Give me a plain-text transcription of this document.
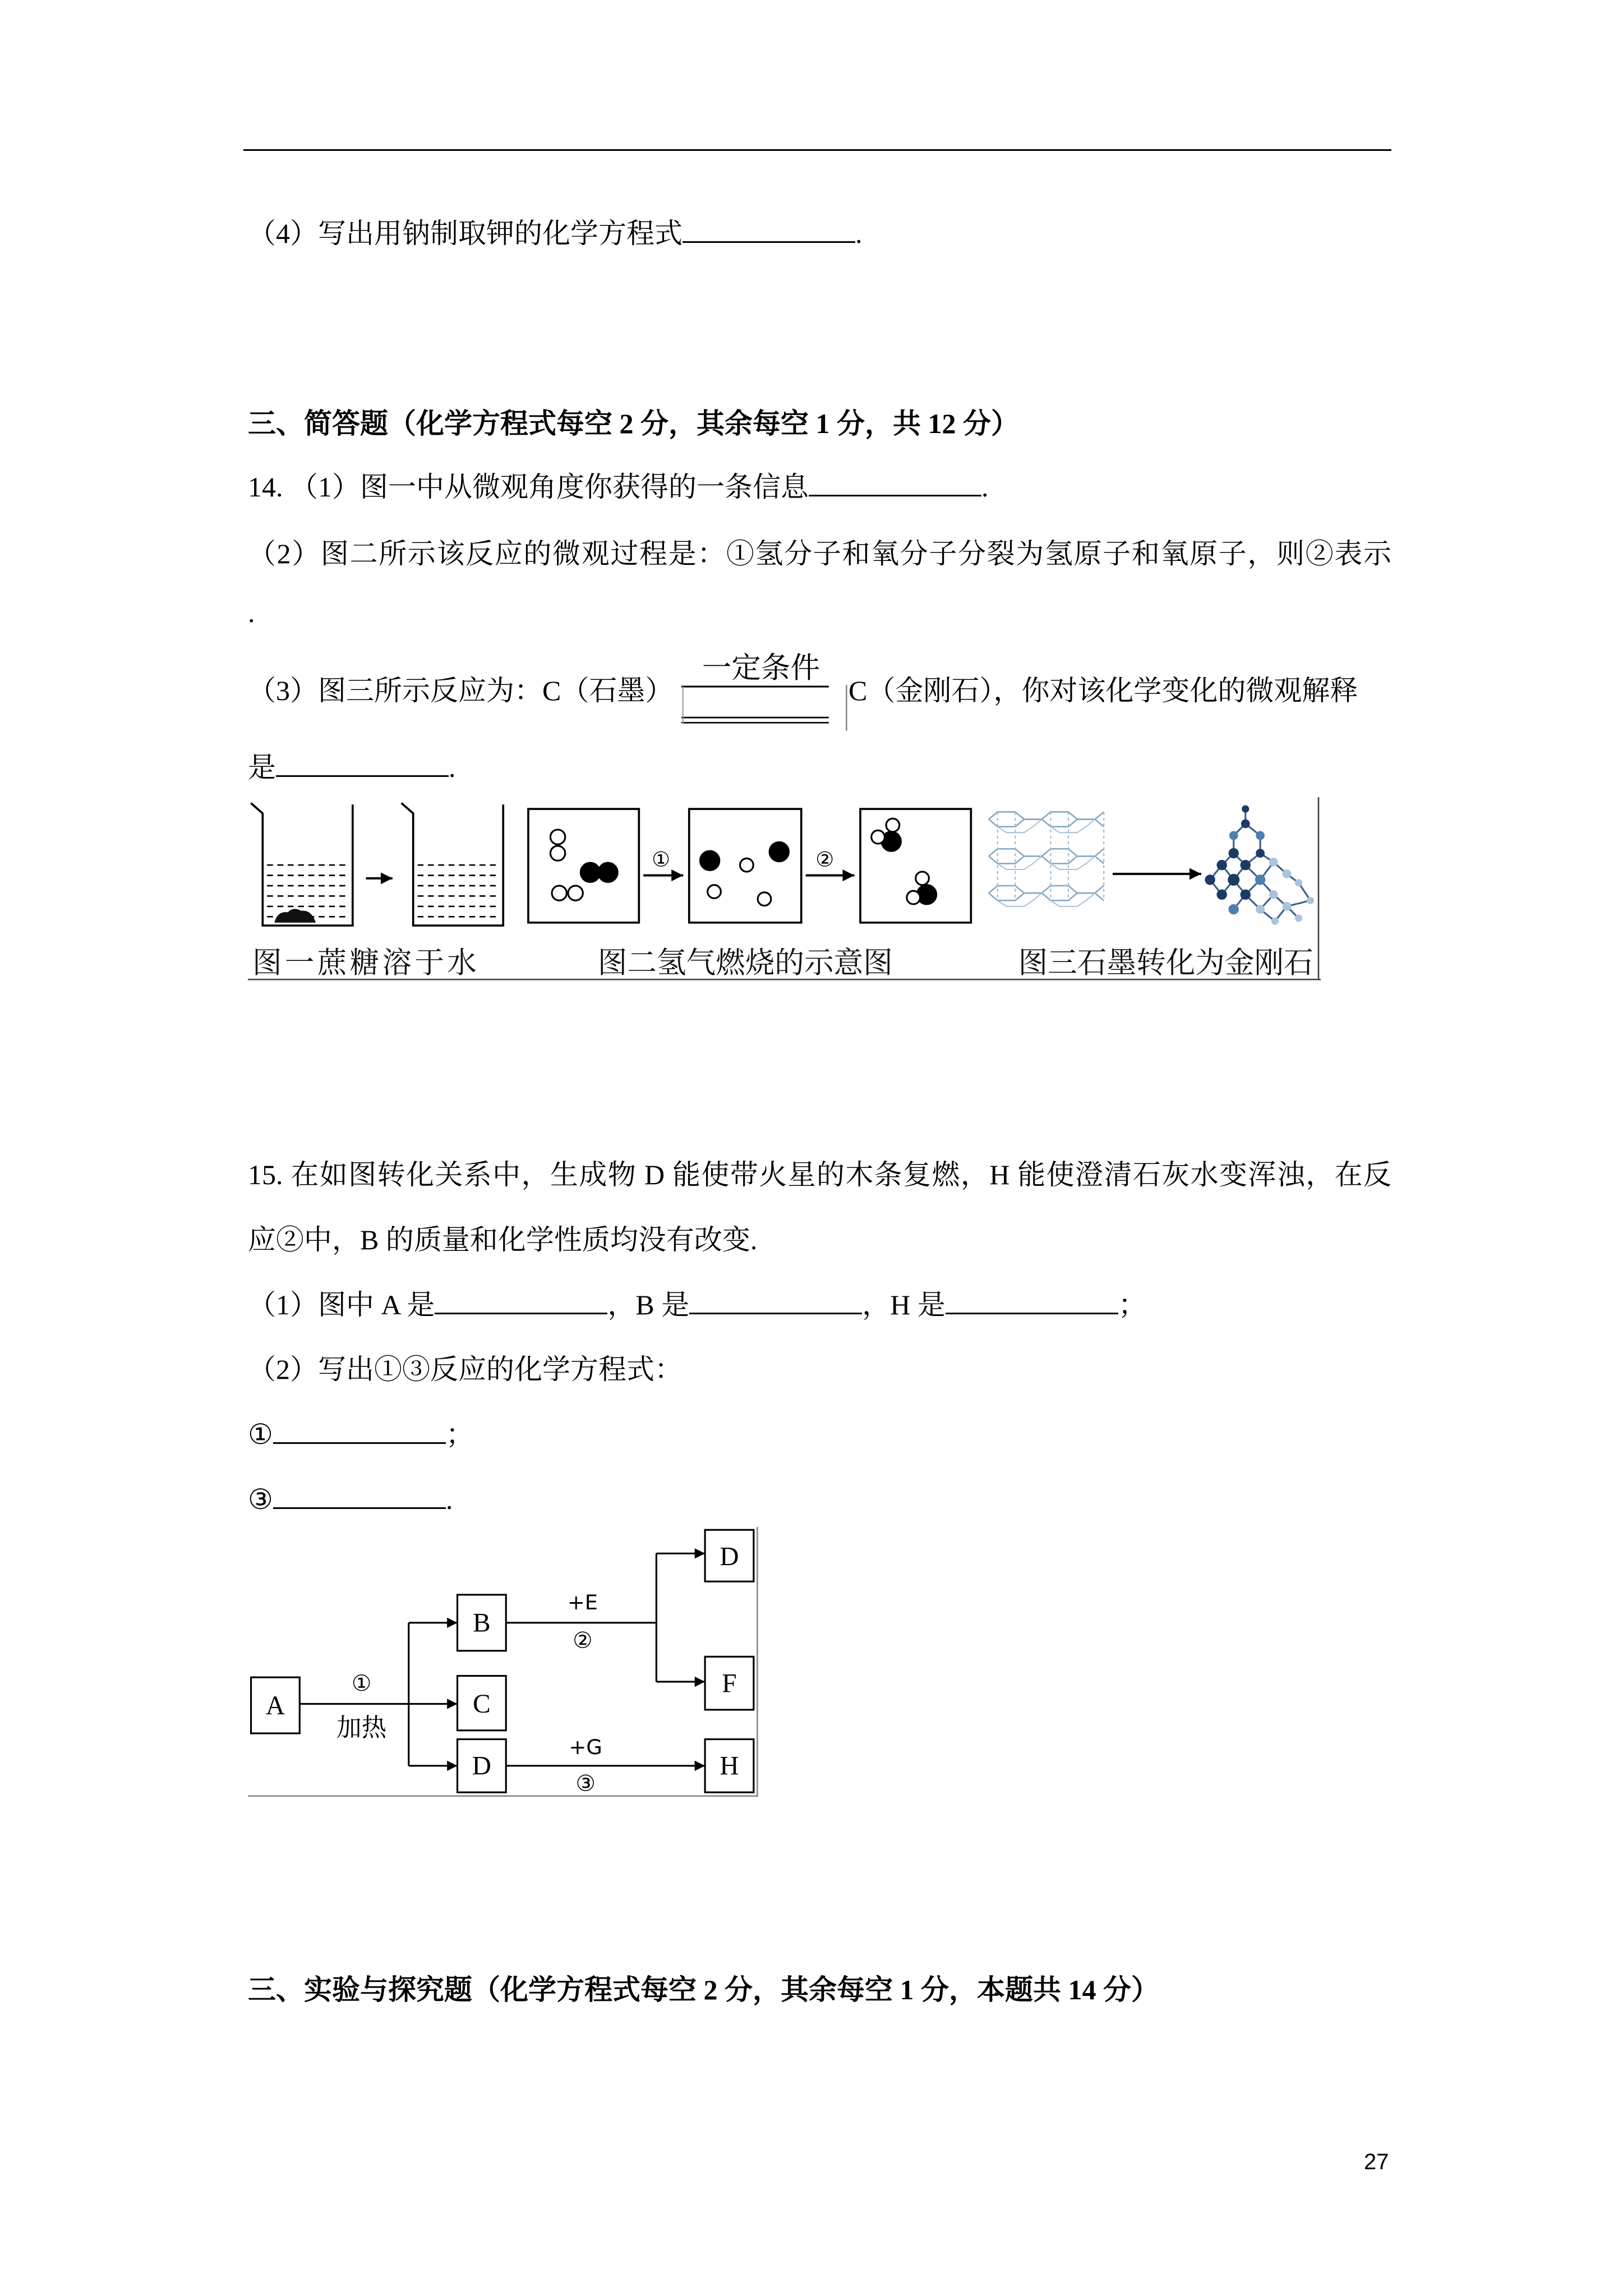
（4）写出用钠制取钾的化学方程式	.
三、简答题（化学方程式每空 2 分，其余每空 1 分，共 12 分）
14. （1）图一中从微观角度你获得的一条信息	.
（2）图二所示该反应的微观过程是：①氢分子和氧分子分裂为氢原子和氧原子，则②表示
.
（3）图三所示反应为：C（石墨）
一定条件
C（金刚石），你对该化学变化的微观解释
是	.
①	②
图一蔗糖溶于水	图二氢气燃烧的示意图	图三石墨转化为金刚石
15. 在如图转化关系中，生成物 D 能使带火星的木条复燃，H 能使澄清石灰水变浑浊，在反
应②中，B 的质量和化学性质均没有改变.
（1）图中 A 是	，B 是	，H 是	；
（2）写出①③反应的化学方程式：
①	；
③	.
A
B
C
D
D
F
H
①
加热
+E
②
+G
③
三、实验与探究题（化学方程式每空 2 分，其余每空 1 分，本题共 14 分）
27
